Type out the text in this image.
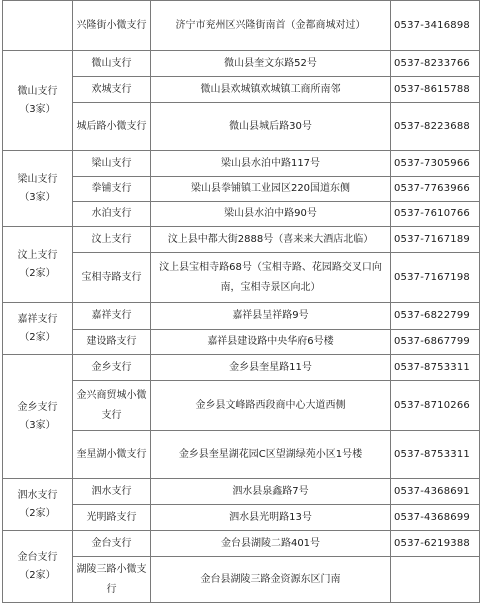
	兴隆街小微支行	济宁市兖州区兴隆街南首（金都商城对过）	0537-3416898

微山支行
（3家）	微山支行	微山县奎文东路52号	0537-8233766
	欢城支行	微山县欢城镇欢城镇工商所南邻	0537-8615788
	城后路小微支行	微山县城后路30号	0537-8223688

梁山支行
（3家）	梁山支行	梁山县水泊中路117号	0537-7305966
	拳铺支行	梁山县拳铺镇工业园区220国道东侧	0537-7763966
	水泊支行	梁山县水泊中路90号	0537-7610766

汶上支行
（2家）	汶上支行	汶上县中都大街2888号（喜来来大酒店北临）	0537-7167189
	宝相寺路支行	汶上县宝相寺路68号（宝相寺路、花园路交叉口向南，宝相寺景区向北）	0537-7167198

嘉祥支行
（2家）	嘉祥支行	嘉祥县呈祥路9号	0537-6822799
	建设路支行	嘉祥县建设路中央华府6号楼	0537-6867799

金乡支行
（3家）	金乡支行	金乡县奎星路11号	0537-8753311
	金兴商贸城小微支行	金乡县文峰路西段商中心大道西侧	0537-8710266
	奎星湖小微支行	金乡县奎星湖花园C区望湖绿苑小区1号楼	0537-8753311

泗水支行
（2家）	泗水支行	泗水县泉鑫路7号	0537-4368691
	光明路支行	泗水县光明路13号	0537-4368699

金台支行
（2家）	金台支行	金台县湖陵二路401号	0537-6219388
	湖陵三路小微支行	金台县湖陵三路金资源东区门南	
